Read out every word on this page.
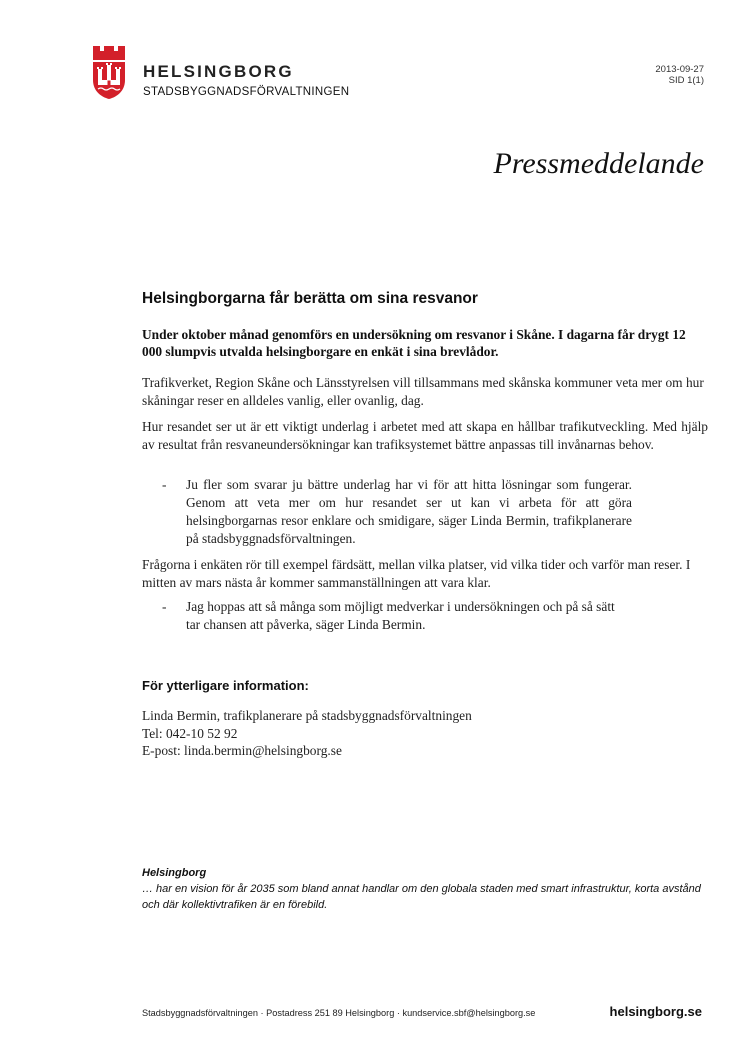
HELSINGBORG
STADSBYGGNADSFÖRVALTNINGEN
2013-09-27
SID 1(1)
Pressmeddelande
Helsingborgarna får berätta om sina resvanor
Under oktober månad genomförs en undersökning om resvanor i Skåne. I dagarna får drygt 12 000 slumpvis utvalda helsingborgare en enkät i sina brevlådor.

Trafikverket, Region Skåne och Länsstyrelsen vill tillsammans med skånska kommuner veta mer om hur skåningar reser en alldeles vanlig, eller ovanlig, dag.

Hur resandet ser ut är ett viktigt underlag i arbetet med att skapa en hållbar trafikutveckling. Med hjälp av resultat från resvaneundersökningar kan trafiksystemet bättre anpassas till invånarnas behov.

-	Ju fler som svarar ju bättre underlag har vi för att hitta lösningar som fungerar. Genom att veta mer om hur resandet ser ut kan vi arbeta för att göra helsingborgarnas resor enklare och smidigare, säger Linda Bermin, trafikplanerare på stadsbyggnadsförvaltningen.

Frågorna i enkäten rör till exempel färdsätt, mellan vilka platser, vid vilka tider och varför man reser. I mitten av mars nästa år kommer sammanställningen att vara klar.

-	Jag hoppas att så många som möjligt medverkar i undersökningen och på så sätt tar chansen att påverka, säger Linda Bermin.
För ytterligare information:
Linda Bermin, trafikplanerare på stadsbyggnadsförvaltningen
Tel: 042-10 52 92
E-post: linda.bermin@helsingborg.se
Helsingborg
… har en vision för år 2035 som bland annat handlar om den globala staden med smart infrastruktur, korta avstånd och där kollektivtrafiken är en förebild.
Stadsbyggnadsförvaltningen · Postadress 251 89 Helsingborg · kundservice.sbf@helsingborg.se	helsingborg.se
